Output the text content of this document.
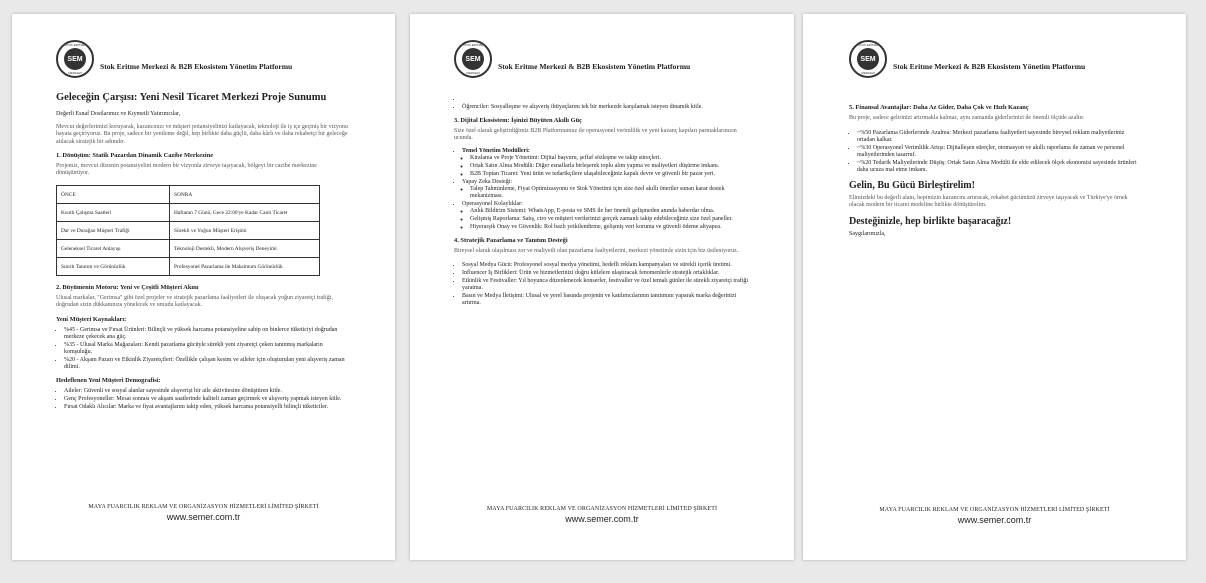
STOK ERİTME
SEM
MERKEZİ
Stok Eritme Merkezi & B2B Ekosistem Yönetim Platformu
Geleceğin Çarşısı: Yeni Nesil Ticaret Merkezi Proje Sunumu

Değerli Esnaf Dostlarımız ve Kıymetli Yatırımcılar,

Mevcut değerlerimizi koruyarak, kazancınızı ve müşteri potansiyelinizi katlayacak, teknoloji ile iş içe geçmiş bir vizyonu hayata geçiriyoruz. Bu proje, sadece bir yenileme değil, hep birlikte daha güçlü, daha kârlı ve daha rekabetçi bir geleceğe atılacak stratejik bir adımdır.

1. Dönüşüm: Statik Pazardan Dinamik Cazibe Merkezine

Projemiz, mevcut düzenin potansiyelini modern bir vizyonla zirveye taşıyacak, bölgeyi bir cazibe merkezine dönüştürüyor.

ÖNCE	SONRA
Kısıtlı Çalışma Saatleri	Haftanın 7 Günü, Gece 22:00'ye Kadar Canlı Ticaret
Dar ve Durağan Müşteri Trafiği	Sürekli ve Yoğun Müşteri Erişimi
Geleneksel Ticaret Anlayışı	Teknoloji Destekli, Modern Alışveriş Deneyimi
Sınırlı Tanıtım ve Görünürlük	Profesyonel Pazarlama ile Maksimum Görünürlük
2. Büyümenin Motoru: Yeni ve Çeşitli Müşteri Akını

Ulusal markalar, "Gerimsa" gibi özel projeler ve stratejik pazarlama faaliyetleri ile oluşacak yoğun ziyaretçi trafiği, doğrudan sizin dükkanınıza yönelecek ve umudu katlayacak.

Yeni Müşteri Kaynakları:
• %45 - Gerimsa ve Fırsat Ürünleri: Bilinçli ve yüksek harcama potansiyeline sahip on binlerce tüketiciyi doğrudan merkeze çekecek ana güç.
• %35 - Ulusal Marka Mağazaları: Kendi pazarlama gücüyle sürekli yeni ziyaretçi çeken tanınmış markaların komşuluğu.
• %20 - Akşam Pazarı ve Etkinlik Ziyaretçileri: Özellikle çalışan kesim ve aileler için oluşturulan yeni alışveriş zaman dilimi.
Hedeflenen Yeni Müşteri Demografisi:
• Aileler: Güvenli ve sosyal alanlar sayesinde alışverişi bir aile aktivitesine dönüştüren kitle.
• Genç Profesyoneller: Mesai sonrası ve akşam saatlerinde kaliteli zaman geçirmek ve alışveriş yapmak isteyen kitle.
• Fırsat Odaklı Alıcılar: Marka ve fiyat avantajlarını takip eden, yüksek harcama potansiyelli bilinçli tüketiciler.
MAYA FUARCILIK REKLAM VE ORGANİZASYON HİZMETLERİ LİMİTED ŞİRKETİ
www.semer.com.tr
STOK ERİTME
SEM
MERKEZİ
Stok Eritme Merkezi & B2B Ekosistem Yönetim Platformu
•
• Öğrenciler: Sosyalleşme ve alışveriş ihtiyaçlarını tek bir merkezde karşılamak isteyen dinamik kitle.
3. Dijital Ekosistem: İşinizi Büyüten Akıllı Güç

Size özel olarak geliştirdiğimiz B2B Platformumuz ile operasyonel verimlilik ve yeni kazanç kapıları parmaklarınızın ucunda.

• Temel Yönetim Modülleri:
◦ Kiralama ve Proje Yönetimi: Dijital başvuru, şeffaf sözleşme ve takip süreçleri.
◦ Ortak Satın Alma Modülü: Diğer esnaflarla birleşerek toplu alım yapma ve maliyetleri düşürme imkanı.
◦ B2B Toptan Ticaret: Yeni ürün ve tedarikçilere ulaşabileceğiniz kapalı devre ve güvenli bir pazar yeri.
• Yapay Zeka Desteği:
◦ Talep Tahminleme, Fiyat Optimizasyonu ve Stok Yönetimi için size özel akıllı öneriler sunan karar destek mekanizması.
• Operasyonel Kolaylıklar:
◦ Anlık Bildirim Sistemi: WhatsApp, E-posta ve SMS ile her önemli gelişmeden anında haberdar olma.
◦ Gelişmiş Raporlama: Satış, ciro ve müşteri verilerinizi gerçek zamanlı takip edebileceğiniz size özel paneller.
◦ Hiyerarşik Onay ve Güvenlik: Rol bazlı yetkilendirme, gelişmiş veri koruma ve güvenli ödeme altyapısı.
4. Stratejik Pazarlama ve Tanıtım Desteği

Bireysel olarak ulaşılması zor ve maliyetli olan pazarlama faaliyetlerini, merkezi yönetimle sizin için biz üstleniyoruz.

• Sosyal Medya Gücü: Profesyonel sosyal medya yönetimi, hedefli reklam kampanyaları ve sürekli içerik üretimi.
• Influencer İş Birlikleri: Ürün ve hizmetlerinizi doğru kitlelere ulaştıracak fenomenlerle stratejik ortaklıklar.
• Etkinlik ve Festivaller: Yıl boyunca düzenlenecek konserler, festivaller ve özel temalı günler ile sürekli ziyaretçi trafiği yaratma.
• Basın ve Medya İletişimi: Ulusal ve yerel basında projenin ve katılımcılarının tanıtımını yaparak marka değerinizi artırma.
MAYA FUARCILIK REKLAM VE ORGANİZASYON HİZMETLERİ LİMİTED ŞİRKETİ
www.semer.com.tr
STOK ERİTME
SEM
MERKEZİ
Stok Eritme Merkezi & B2B Ekosistem Yönetim Platformu
5. Finansal Avantajlar: Daha Az Gider, Daha Çok ve Hızlı Kazanç

Bu proje, sadece gelirinizi artırmakla kalmaz, aynı zamanda giderlerinizi de önemli ölçüde azaltır.

• ~%50 Pazarlama Giderlerinde Azalma: Merkezi pazarlama faaliyetleri sayesinde bireysel reklam maliyetleriniz ortadan kalkar.
• ~%30 Operasyonel Verimlilik Artışı: Dijitalleşen süreçler, otomasyon ve akıllı raporlama ile zaman ve personel maliyetlerinden tasarruf.
• ~%20 Tedarik Maliyetlerinde Düşüş: Ortak Satın Alma Modülü ile elde edilecek ölçek ekonomisi sayesinde ürünleri daha ucuza mal etme imkanı.
Gelin, Bu Gücü Birleştirelim!

Elimizdeki bu değerli alanı, hepimizin kazancını artıracak, rekabet gücümüzü zirveye taşıyacak ve Türkiye'ye örnek olacak modern bir ticaret modeline birlikte dönüştürelim.

Desteğinizle, hep birlikte başaracağız!

Saygılarımızla,

MAYA FUARCILIK REKLAM VE ORGANİZASYON HİZMETLERİ LİMİTED ŞİRKETİ
www.semer.com.tr
